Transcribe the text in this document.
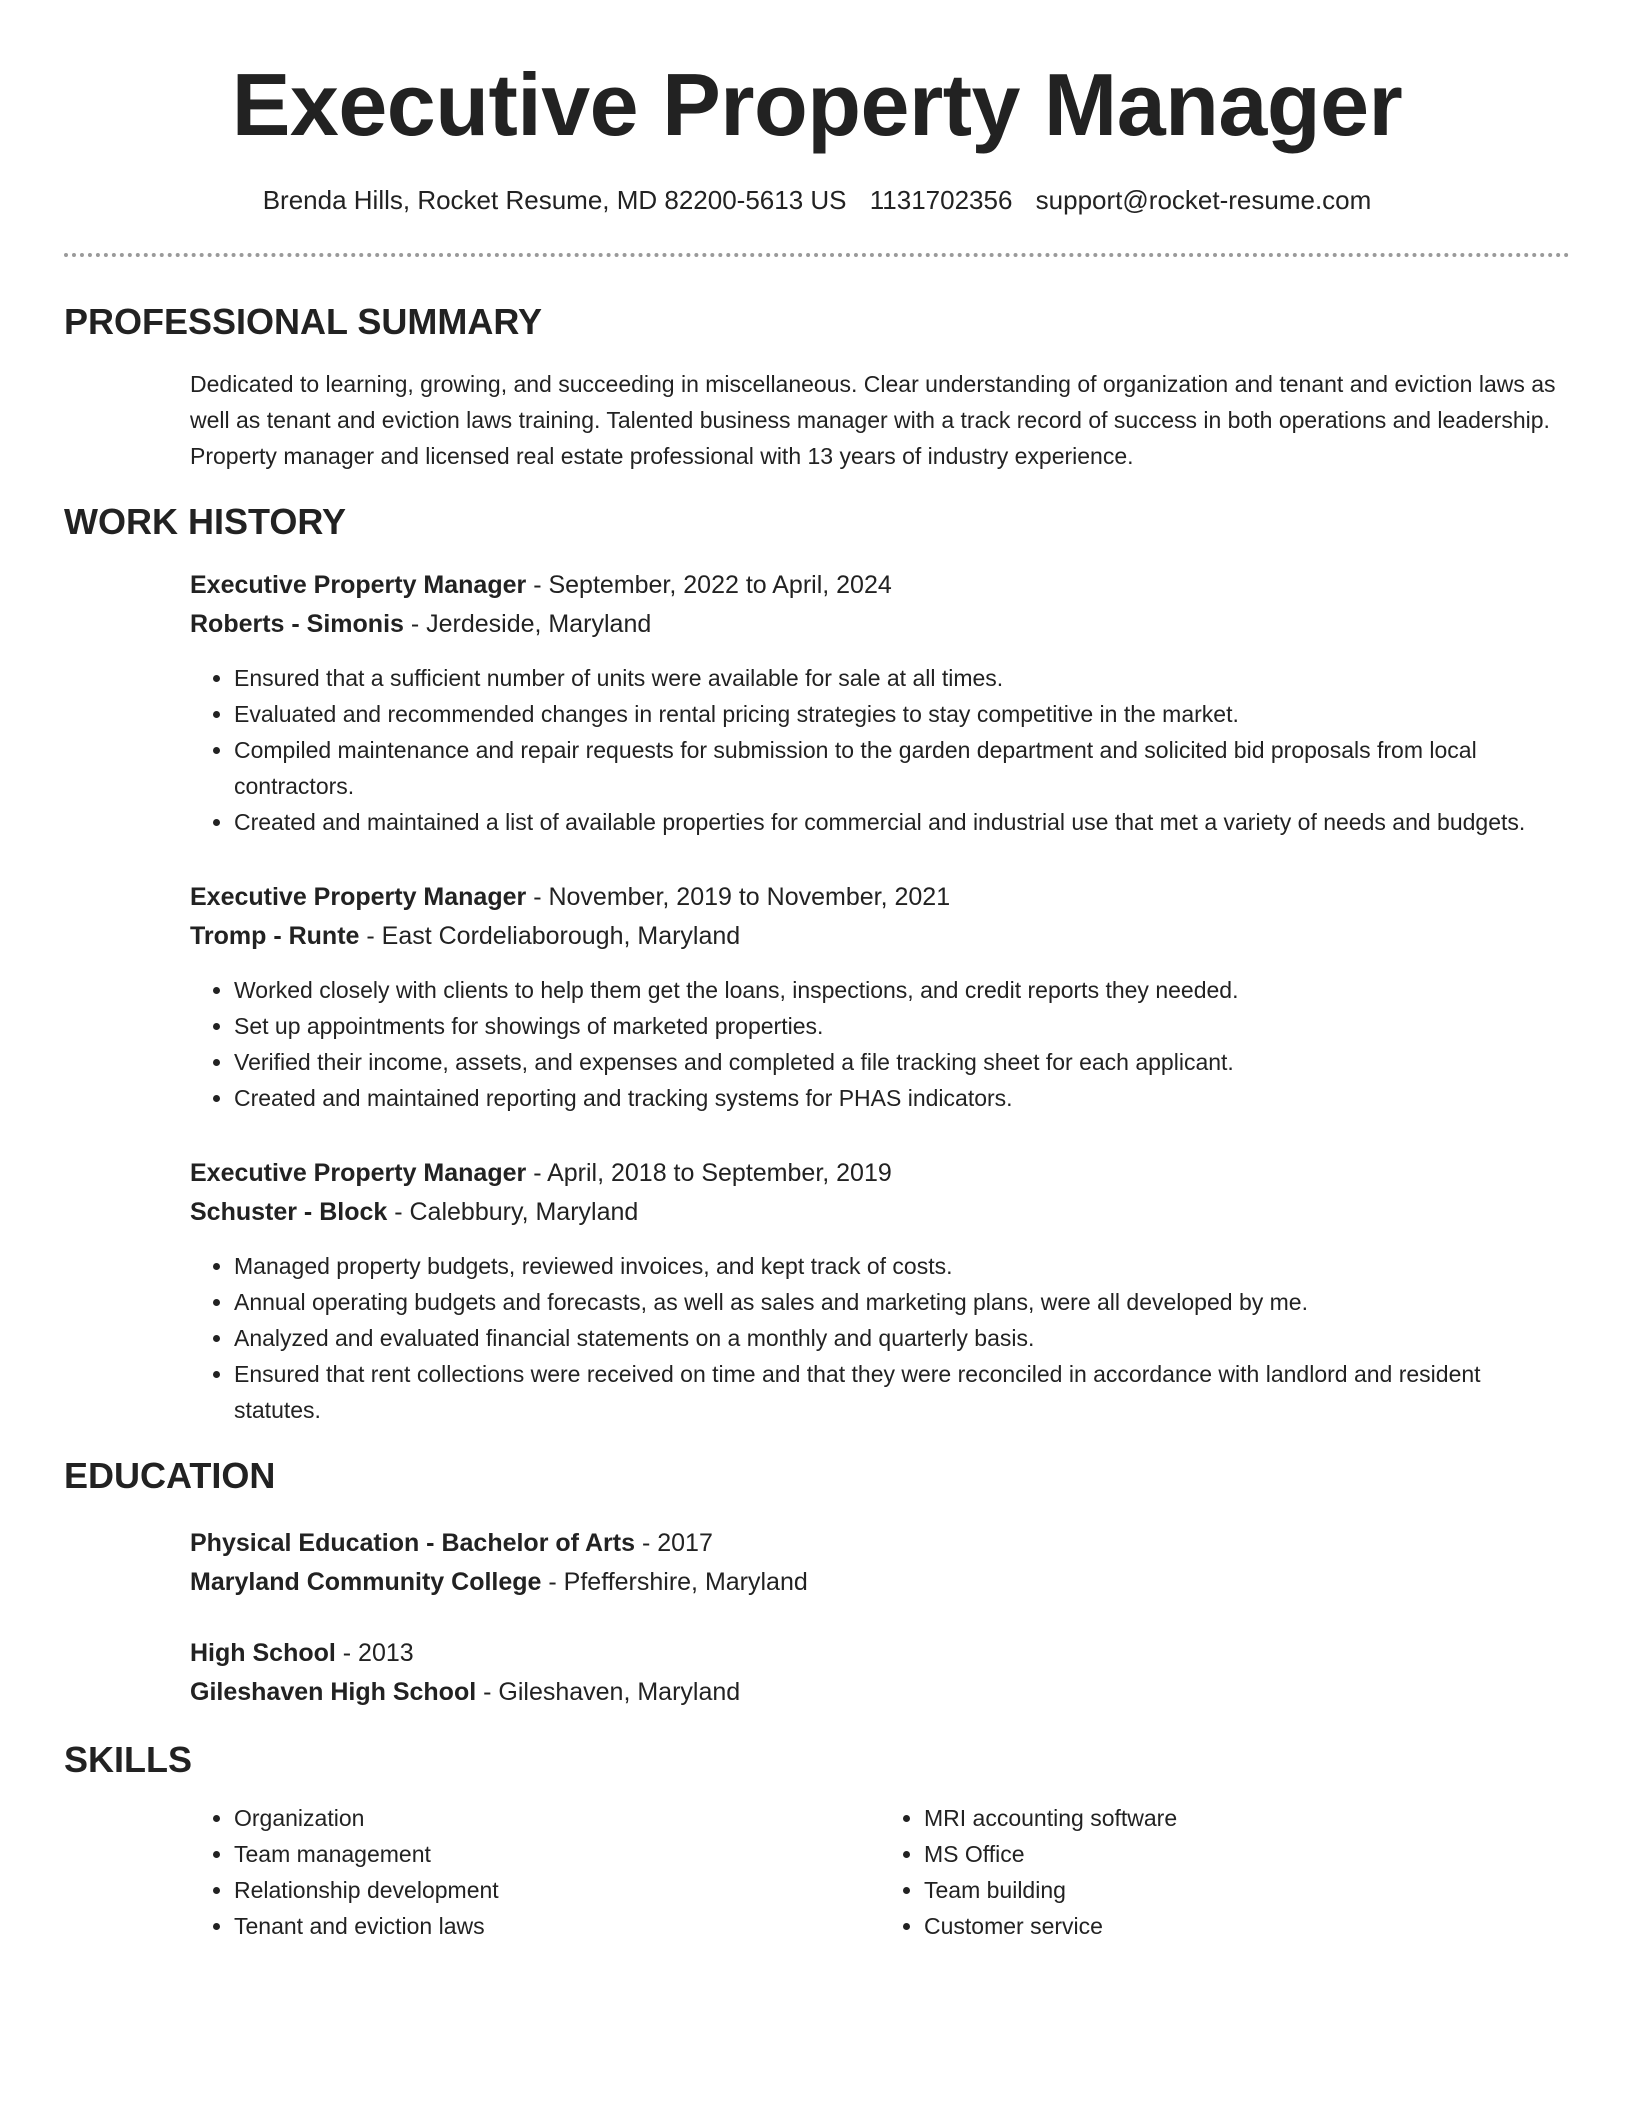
Executive Property Manager
Brenda Hills, Rocket Resume, MD 82200-5613 US 1131702356 support@rocket-resume.com
PROFESSIONAL SUMMARY
Dedicated to learning, growing, and succeeding in miscellaneous. Clear understanding of organization and tenant and eviction laws as well as tenant and eviction laws training. Talented business manager with a track record of success in both operations and leadership. Property manager and licensed real estate professional with 13 years of industry experience.
WORK HISTORY
Executive Property Manager - September, 2022 to April, 2024
Roberts - Simonis - Jerdeside, Maryland
• Ensured that a sufficient number of units were available for sale at all times.
• Evaluated and recommended changes in rental pricing strategies to stay competitive in the market.
• Compiled maintenance and repair requests for submission to the garden department and solicited bid proposals from local contractors.
• Created and maintained a list of available properties for commercial and industrial use that met a variety of needs and budgets.
Executive Property Manager - November, 2019 to November, 2021
Tromp - Runte - East Cordeliaborough, Maryland
• Worked closely with clients to help them get the loans, inspections, and credit reports they needed.
• Set up appointments for showings of marketed properties.
• Verified their income, assets, and expenses and completed a file tracking sheet for each applicant.
• Created and maintained reporting and tracking systems for PHAS indicators.
Executive Property Manager - April, 2018 to September, 2019
Schuster - Block - Calebbury, Maryland
• Managed property budgets, reviewed invoices, and kept track of costs.
• Annual operating budgets and forecasts, as well as sales and marketing plans, were all developed by me.
• Analyzed and evaluated financial statements on a monthly and quarterly basis.
• Ensured that rent collections were received on time and that they were reconciled in accordance with landlord and resident statutes.
EDUCATION
Physical Education - Bachelor of Arts - 2017
Maryland Community College - Pfeffershire, Maryland
High School - 2013
Gileshaven High School - Gileshaven, Maryland
SKILLS
• Organization
• Team management
• Relationship development
• Tenant and eviction laws
• MRI accounting software
• MS Office
• Team building
• Customer service
